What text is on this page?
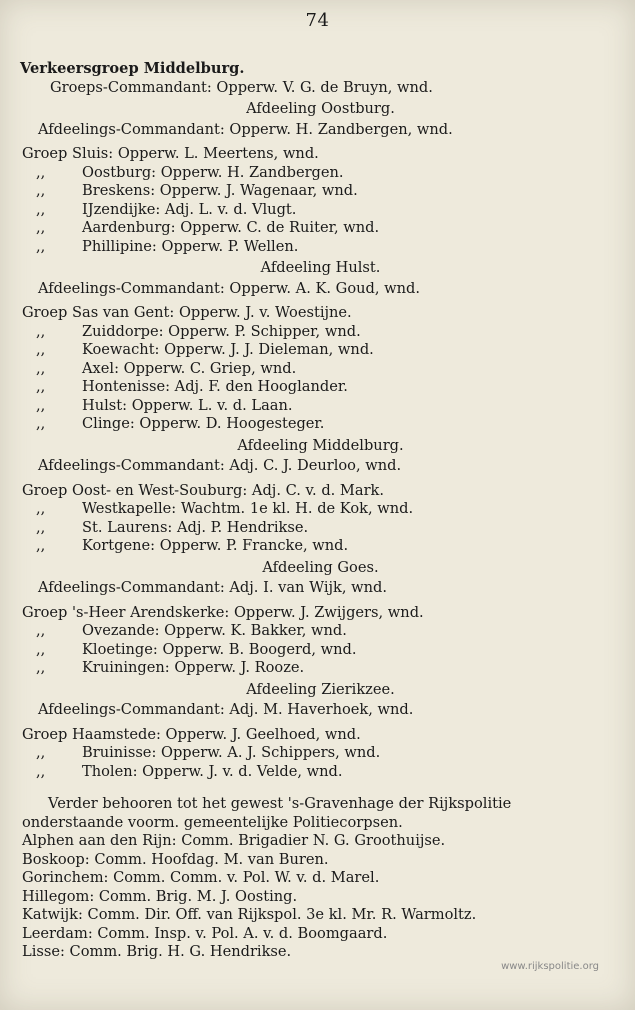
74
Verkeersgroep Middelburg.
Groeps-Commandant: Opperw. V. G. de Bruyn, wnd.
Afdeeling Oostburg.
Afdeelings-Commandant: Opperw. H. Zandbergen, wnd.
Groep Sluis: Opperw. L. Meertens, wnd.
,,	Oostburg: Opperw. H. Zandbergen.
,,	Breskens: Opperw. J. Wagenaar, wnd.
,,	IJzendijke: Adj. L. v. d. Vlugt.
,,	Aardenburg: Opperw. C. de Ruiter, wnd.
,,	Phillipine: Opperw. P. Wellen.
Afdeeling Hulst.
Afdeelings-Commandant: Opperw. A. K. Goud, wnd.
Groep Sas van Gent: Opperw. J. v. Woestijne.
,,	Zuiddorpe: Opperw. P. Schipper, wnd.
,,	Koewacht: Opperw. J. J. Dieleman, wnd.
,,	Axel: Opperw. C. Griep, wnd.
,,	Hontenisse: Adj. F. den Hooglander.
,,	Hulst: Opperw. L. v. d. Laan.
,,	Clinge: Opperw. D. Hoogesteger.
Afdeeling Middelburg.
Afdeelings-Commandant: Adj. C. J. Deurloo, wnd.
Groep Oost- en West-Souburg: Adj. C. v. d. Mark.
,,	Westkapelle: Wachtm. 1e kl. H. de Kok, wnd.
,,	St. Laurens: Adj. P. Hendrikse.
,,	Kortgene: Opperw. P. Francke, wnd.
Afdeeling Goes.
Afdeelings-Commandant: Adj. I. van Wijk, wnd.
Groep 's-Heer Arendskerke: Opperw. J. Zwijgers, wnd.
,,	Ovezande: Opperw. K. Bakker, wnd.
,,	Kloetinge: Opperw. B. Boogerd, wnd.
,,	Kruiningen: Opperw. J. Rooze.
Afdeeling Zierikzee.
Afdeelings-Commandant: Adj. M. Haverhoek, wnd.
Groep Haamstede: Opperw. J. Geelhoed, wnd.
,,	Bruinisse: Opperw. A. J. Schippers, wnd.
,,	Tholen: Opperw. J. v. d. Velde, wnd.
Verder behooren tot het gewest 's-Gravenhage der Rijkspolitie
onderstaande voorm. gemeentelijke Politiecorpsen.
Alphen aan den Rijn: Comm. Brigadier N. G. Groothuijse.
Boskoop: Comm. Hoofdag. M. van Buren.
Gorinchem: Comm. Comm. v. Pol. W. v. d. Marel.
Hillegom: Comm. Brig. M. J. Oosting.
Katwijk: Comm. Dir. Off. van Rijkspol. 3e kl. Mr. R. Warmoltz.
Leerdam: Comm. Insp. v. Pol. A. v. d. Boomgaard.
Lisse: Comm. Brig. H. G. Hendrikse.
www.rijkspolitie.org
